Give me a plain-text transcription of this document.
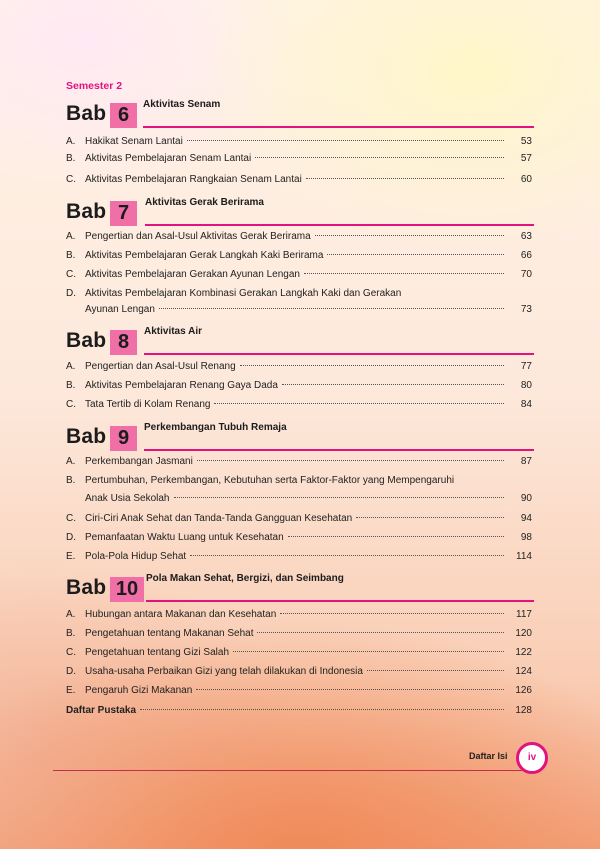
Semester 2
Bab 6	Aktivitas Senam
A. Hakikat Senam Lantai	53
B. Aktivitas Pembelajaran Senam Lantai	57
C. Aktivitas Pembelajaran Rangkaian Senam Lantai	60
Bab 7	Aktivitas Gerak Berirama
A. Pengertian dan Asal-Usul Aktivitas Gerak Berirama	63
B. Aktivitas Pembelajaran Gerak Langkah Kaki Berirama	66
C. Aktivitas Pembelajaran Gerakan Ayunan Lengan	70
D. Aktivitas Pembelajaran Kombinasi Gerakan Langkah Kaki dan Gerakan
Ayunan Lengan	73
Bab 8	Aktivitas Air
A. Pengertian dan Asal-Usul Renang	77
B. Aktivitas Pembelajaran Renang Gaya Dada	80
C. Tata Tertib di Kolam Renang	84
Bab 9	Perkembangan Tubuh Remaja
A. Perkembangan Jasmani	87
B. Pertumbuhan, Perkembangan, Kebutuhan serta Faktor-Faktor yang Mempengaruhi
Anak Usia Sekolah	90
C. Ciri-Ciri Anak Sehat dan Tanda-Tanda Gangguan Kesehatan	94
D. Pemanfaatan Waktu Luang untuk Kesehatan	98
E. Pola-Pola Hidup Sehat	114
Bab 10 Pola Makan Sehat, Bergizi, dan Seimbang
A. Hubungan antara Makanan dan Kesehatan	117
B. Pengetahuan tentang Makanan Sehat	120
C. Pengetahuan tentang Gizi Salah	122
D. Usaha-usaha Perbaikan Gizi yang telah dilakukan di Indonesia	124
E. Pengaruh Gizi Makanan	126
Daftar Pustaka	128
Daftar Isi	iv
